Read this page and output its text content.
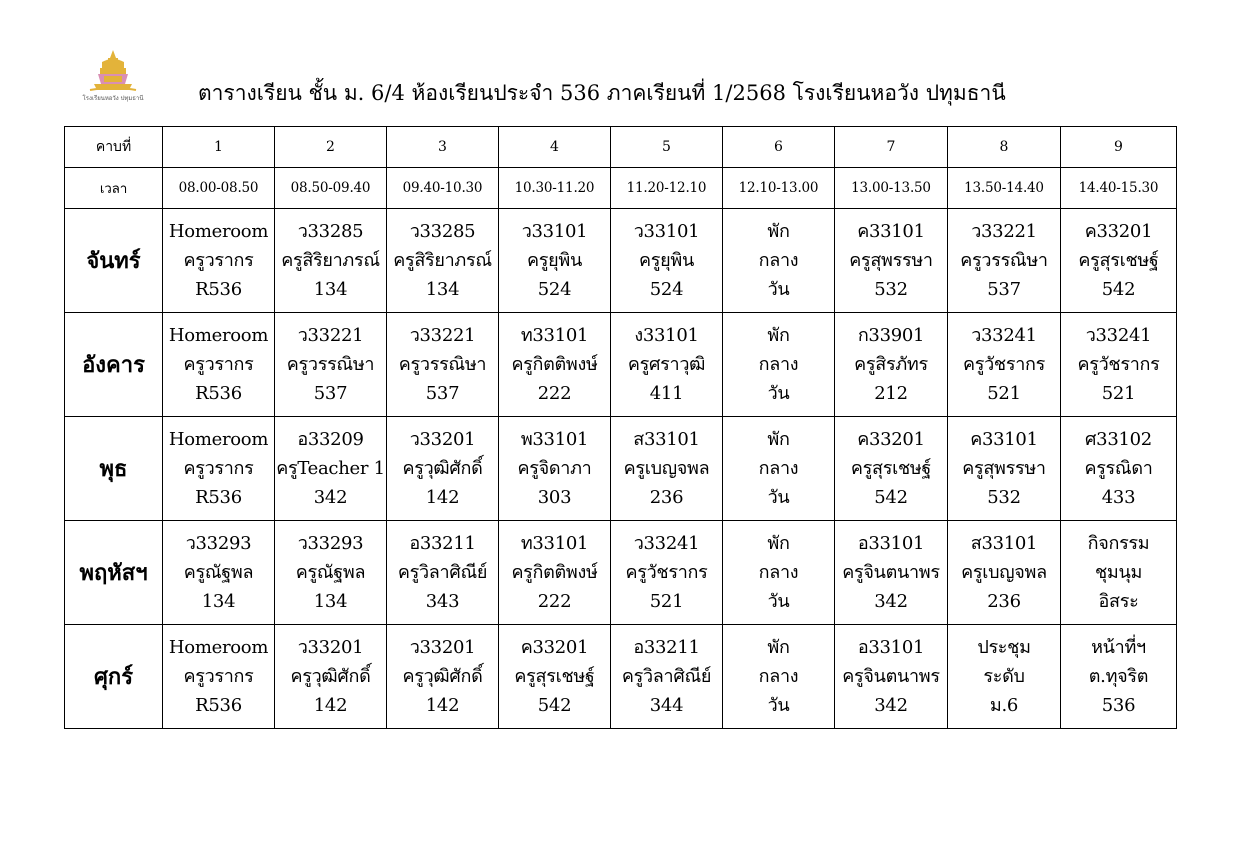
โรงเรียนหอวัง ปทุมธานี	ตารางเรียน ชั้น ม. 6/4 ห้องเรียนประจำ 536 ภาคเรียนที่ 1/2568 โรงเรียนหอวัง ปทุมธานี
คาบที่	1	2	3	4	5	6	7	8	9
เวลา	08.00-08.50	08.50-09.40	09.40-10.30	10.30-11.20	11.20-12.10	12.10-13.00	13.00-13.50	13.50-14.40	14.40-15.30
จันทร์	Homeroom
ครูวรากร
R536	ว33285
ครูสิริยาภรณ์
134	ว33285
ครูสิริยาภรณ์
134	ว33101
ครูยุพิน
524	ว33101
ครูยุพิน
524	พัก
กลาง
วัน	ค33101
ครูสุพรรษา
532	ว33221
ครูวรรณิษา
537	ค33201
ครูสุรเชษฐ์
542

อังคาร	Homeroom
ครูวรากร
R536	ว33221
ครูวรรณิษา
537	ว33221
ครูวรรณิษา
537	ท33101
ครูกิตติพงษ์
222	ง33101
ครูศราวุฒิ
411	พัก
กลาง
วัน	ก33901
ครูสิรภัทร
212	ว33241
ครูวัชรากร
521	ว33241
ครูวัชรากร
521

พุธ	Homeroom
ครูวรากร
R536	อ33209
ครูTeacher 1
342	ว33201
ครูวุฒิศักดิ์
142	พ33101
ครูจิดาภา
303	ส33101
ครูเบญจพล
236	พัก
กลาง
วัน	ค33201
ครูสุรเชษฐ์
542	ค33101
ครูสุพรรษา
532	ศ33102
ครูรณิดา
433

พฤหัสฯ	ว33293
ครูณัฐพล
134	ว33293
ครูณัฐพล
134	อ33211
ครูวิลาศิณีย์
343	ท33101
ครูกิตติพงษ์
222	ว33241
ครูวัชรากร
521	พัก
กลาง
วัน	อ33101
ครูจินตนาพร
342	ส33101
ครูเบญจพล
236	กิจกรรม
ชุมนุม
อิสระ

ศุกร์	Homeroom
ครูวรากร
R536	ว33201
ครูวุฒิศักดิ์
142	ว33201
ครูวุฒิศักดิ์
142	ค33201
ครูสุรเชษฐ์
542	อ33211
ครูวิลาศิณีย์
344	พัก
กลาง
วัน	อ33101
ครูจินตนาพร
342	ประชุม
ระดับ
ม.6	หน้าที่ฯ
ต.ทุจริต
536
